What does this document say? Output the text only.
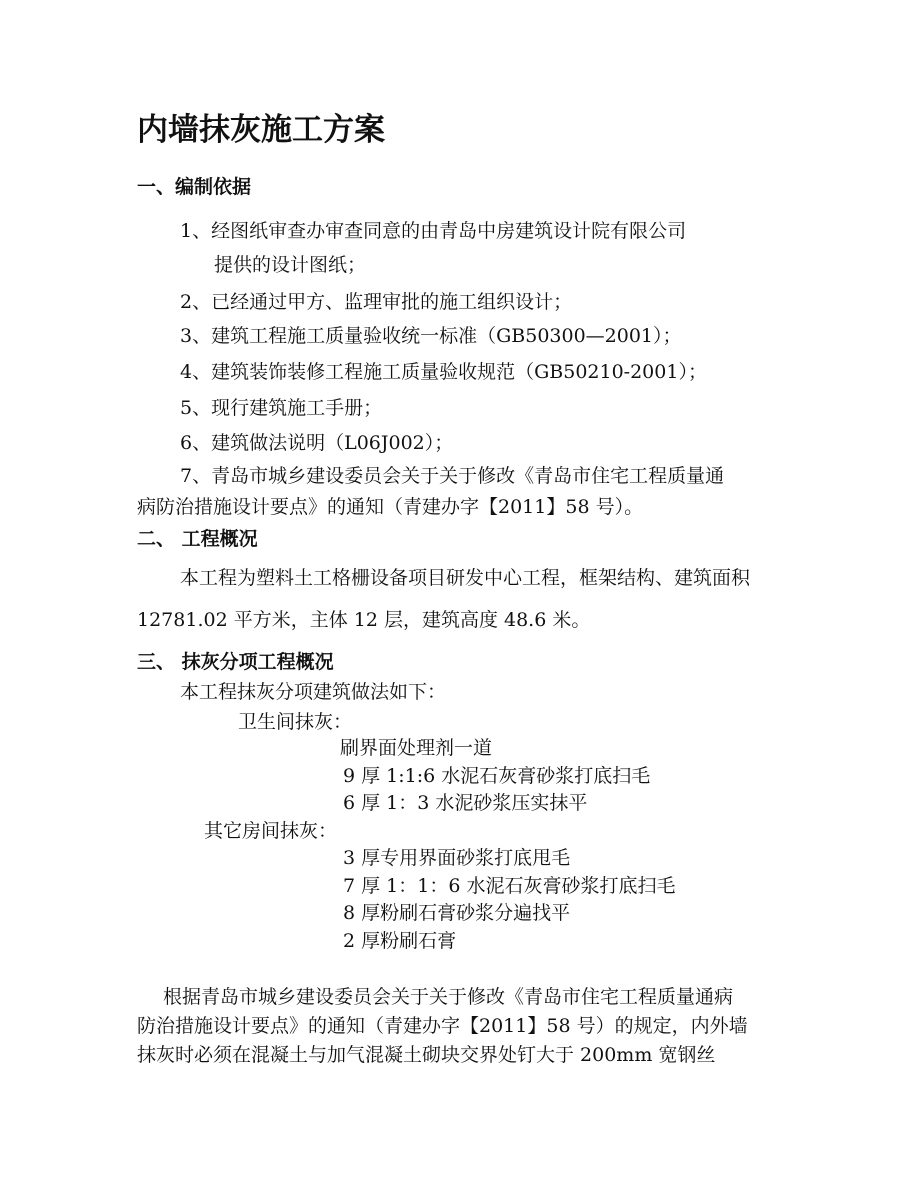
内墙抹灰施工方案
一、编制依据
1、经图纸审查办审查同意的由青岛中房建筑设计院有限公司
提供的设计图纸；
2、已经通过甲方、监理审批的施工组织设计；
3、建筑工程施工质量验收统一标准（GB50300—2001）；
4、建筑装饰装修工程施工质量验收规范（GB50210-2001）；
5、现行建筑施工手册；
6、建筑做法说明（L06J002）；
7、青岛市城乡建设委员会关于关于修改《青岛市住宅工程质量通
病防治措施设计要点》的通知（青建办字【2011】58 号）。
二、 工程概况
本工程为塑料土工格栅设备项目研发中心工程，框架结构、建筑面积
12781.02 平方米，主体 12 层，建筑高度 48.6 米。
三、 抹灰分项工程概况
本工程抹灰分项建筑做法如下：
卫生间抹灰：
刷界面处理剂一道
9 厚 1:1:6 水泥石灰膏砂浆打底扫毛
6 厚 1：3 水泥砂浆压实抹平
其它房间抹灰：
3 厚专用界面砂浆打底甩毛
7 厚 1：1：6 水泥石灰膏砂浆打底扫毛
8 厚粉刷石膏砂浆分遍找平
2 厚粉刷石膏
根据青岛市城乡建设委员会关于关于修改《青岛市住宅工程质量通病
防治措施设计要点》的通知（青建办字【2011】58 号）的规定，内外墙
抹灰时必须在混凝土与加气混凝土砌块交界处钉大于 200mm 宽钢丝
